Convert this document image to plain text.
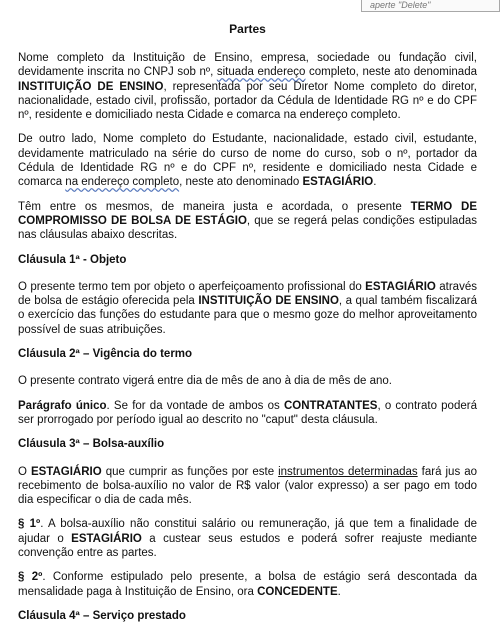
aperte "Delete"
Partes

Nome completo da Instituição de Ensino, empresa, sociedade ou fundação civil, devidamente inscrita no CNPJ sob nº, situada endereço completo, neste ato denominada INSTITUIÇÃO DE ENSINO, representada por seu Diretor Nome completo do diretor, nacionalidade, estado civil, profissão, portador da Cédula de Identidade RG nº e do CPF nº, residente e domiciliado nesta Cidade e comarca na endereço completo.

De outro lado, Nome completo do Estudante, nacionalidade, estado civil, estudante, devidamente matriculado na série do curso de nome do curso, sob o nº, portador da Cédula de Identidade RG nº e do CPF nº, residente e domiciliado nesta Cidade e comarca na endereço completo, neste ato denominado ESTAGIÁRIO.

Têm entre os mesmos, de maneira justa e acordada, o presente TERMO DE COMPROMISSO DE BOLSA DE ESTÁGIO, que se regerá pelas condições estipuladas nas cláusulas abaixo descritas.

Cláusula 1ª - Objeto

O presente termo tem por objeto o aperfeiçoamento profissional do ESTAGIÁRIO através de bolsa de estágio oferecida pela INSTITUIÇÃO DE ENSINO, a qual também fiscalizará o exercício das funções do estudante para que o mesmo goze do melhor aproveitamento possível de suas atribuições.

Cláusula 2ª – Vigência do termo

O presente contrato vigerá entre dia de mês de ano à dia de mês de ano.

Parágrafo único. Se for da vontade de ambos os CONTRATANTES, o contrato poderá ser prorrogado por período igual ao descrito no "caput" desta cláusula.

Cláusula 3ª – Bolsa-auxílio

O ESTAGIÁRIO que cumprir as funções por este instrumentos determinadas fará jus ao recebimento de bolsa-auxílio no valor de R$ valor (valor expresso) a ser pago em todo dia especificar o dia de cada mês.

§ 1º. A bolsa-auxílio não constitui salário ou remuneração, já que tem a finalidade de ajudar o ESTAGIÁRIO a custear seus estudos e poderá sofrer reajuste mediante convenção entre as partes.

§ 2º. Conforme estipulado pelo presente, a bolsa de estágio será descontada da mensalidade paga à Instituição de Ensino, ora CONCEDENTE.

Cláusula 4ª – Serviço prestado
